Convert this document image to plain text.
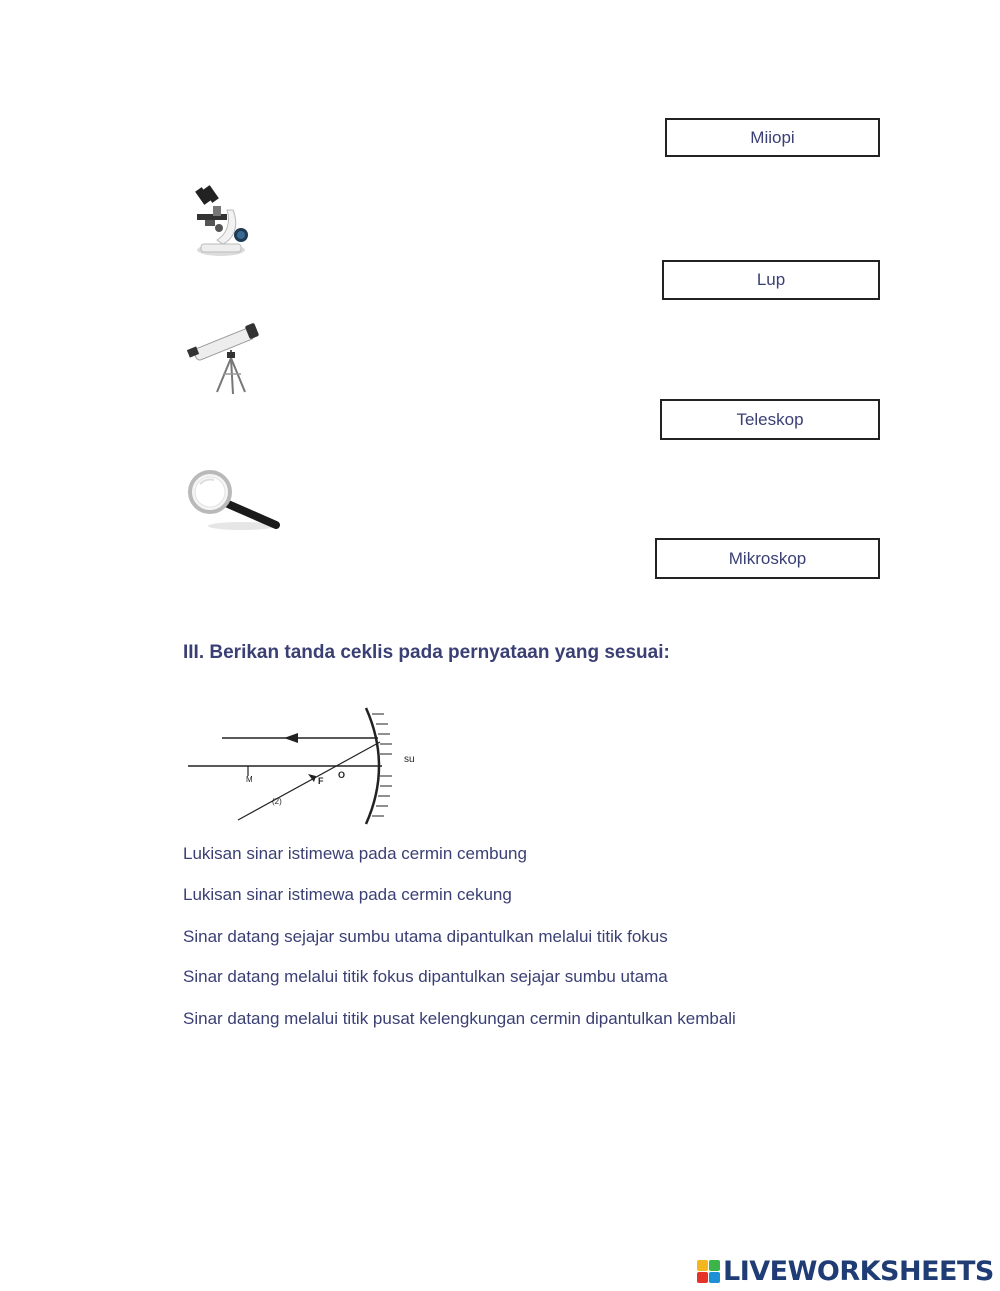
Miiopi
Lup
Teleskop
Mikroskop
III. Berikan tanda ceklis pada pernyataan yang sesuai:
M	F
O
su
(2)
Lukisan sinar istimewa pada cermin cembung
Lukisan sinar istimewa pada cermin cekung
Sinar datang sejajar sumbu utama dipantulkan melalui titik fokus
Sinar datang melalui titik fokus dipantulkan sejajar sumbu utama
Sinar datang melalui titik pusat kelengkungan cermin dipantulkan kembali
LIVEWORKSHEETS
